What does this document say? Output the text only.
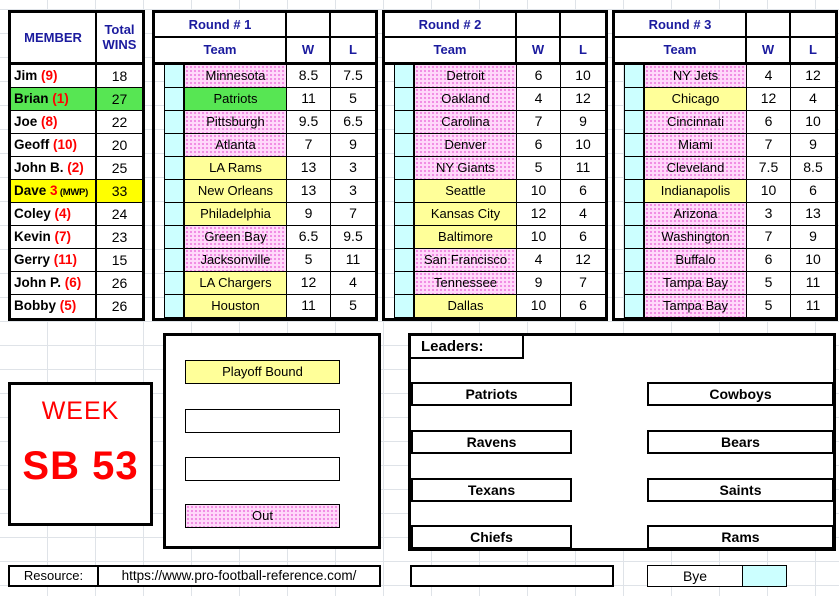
MEMBER
Total
WINS
Jim (9)	18
Brian (1)	27
Joe (8)	22
Geoff (10)	20
John B. (2)	25
Dave 3 (MWP)	33
Coley (4)	24
Kevin (7)	23
Gerry (11)	15
John P. (6)	26
Bobby (5)	26
Round # 1
Team	W	L
Minnesota	8.5	7.5
Patriots	11	5
Pittsburgh	9.5	6.5
Atlanta	7	9
LA Rams	13	3
New Orleans	13	3
Philadelphia	9	7
Green Bay	6.5	9.5
Jacksonville	5	11
LA Chargers	12	4
Houston	11	5
Round # 2
Team	W	L
Detroit	6	10
Oakland	4	12
Carolina	7	9
Denver	6	10
NY Giants	5	11
Seattle	10	6
Kansas City	12	4
Baltimore	10	6
San Francisco	4	12
Tennessee	9	7
Dallas	10	6
Round # 3
Team	W	L
NY Jets	4	12
Chicago	12	4
Cincinnati	6	10
Miami	7	9
Cleveland	7.5	8.5
Indianapolis	10	6
Arizona	3	13
Washington	7	9
Buffalo	6	10
Tampa Bay	5	11
Tampa Bay	5	11
WEEK
SB 53
Playoff Bound
Out
Leaders:
Patriots
Ravens
Texans
Chiefs
Cowboys
Bears
Saints
Rams
Resource:	https://www.pro-football-reference.com/	Bye
